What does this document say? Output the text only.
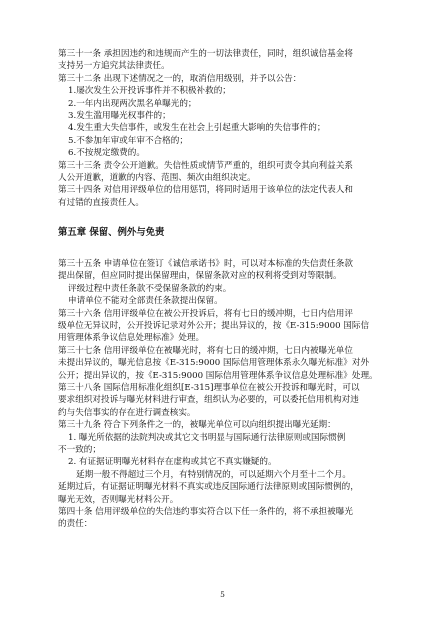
第三十一条 承担因违约和违规而产生的一切法律责任，同时，组织诚信基金将
支持另一方追究其法律责任。
第三十二条 出现下述情况之一的，取消信用级别，并予以公告：
1.屡次发生公开投诉事件并不积极补救的；
2.一年内出现两次黑名单曝光的；
3.发生滥用曝光权事件的；
4.发生重大失信事件，或发生在社会上引起重大影响的失信事件的；
5.不参加年审或年审不合格的；
6.不按规定缴费的。
第三十三条 责令公开道歉。失信性质或情节严重的，组织可责令其向利益关系
人公开道歉，道歉的内容、范围、频次由组织决定。
第三十四条 对信用评级单位的信用惩罚，将同时适用于该单位的法定代表人和
有过错的直接责任人。
第五章 保留、例外与免责
第三十五条 申请单位在签订《诚信承诺书》时，可以对本标准的失信责任条款
提出保留，但应同时提出保留理由，保留条款对应的权利将受到对等限制。
评级过程中责任条款不受保留条款的约束。
申请单位不能对全部责任条款提出保留。
第三十六条 信用评级单位在被公开投诉后，将有七日的缓冲期，七日内信用评
级单位无异议时，公开投诉记录对外公开；提出异议的，按《E-315:9000 国际信
用管理体系争议信息处理标准》处理。
第三十七条 信用评级单位在被曝光时，将有七日的缓冲期，七日内被曝光单位
未提出异议的，曝光信息按《E-315:9000 国际信用管理体系永久曝光标准》对外
公开；提出异议的，按《E-315:9000 国际信用管理体系争议信息处理标准》处理。
第三十八条 国际信用标准化组织[E-315]理事单位在被公开投诉和曝光时，可以
要求组织对投诉与曝光材料进行审查，组织认为必要的，可以委托信用机构对违
约与失信事实的存在进行调查核实。
第三十九条 符合下列条件之一的，被曝光单位可以向组织提出曝光延期：
1. 曝光所依据的法院判决或其它文书明显与国际通行法律原则或国际惯例
不一致的；
2. 有证据证明曝光材料存在虚构或其它不真实嫌疑的。
延期一般不得超过三个月，有特别情况的，可以延期六个月至十二个月。
延期过后，有证据证明曝光材料不真实或违反国际通行法律原则或国际惯例的，
曝光无效，否则曝光材料公开。
第四十条 信用评级单位的失信违约事实符合以下任一条件的，将不承担被曝光
的责任：
5
